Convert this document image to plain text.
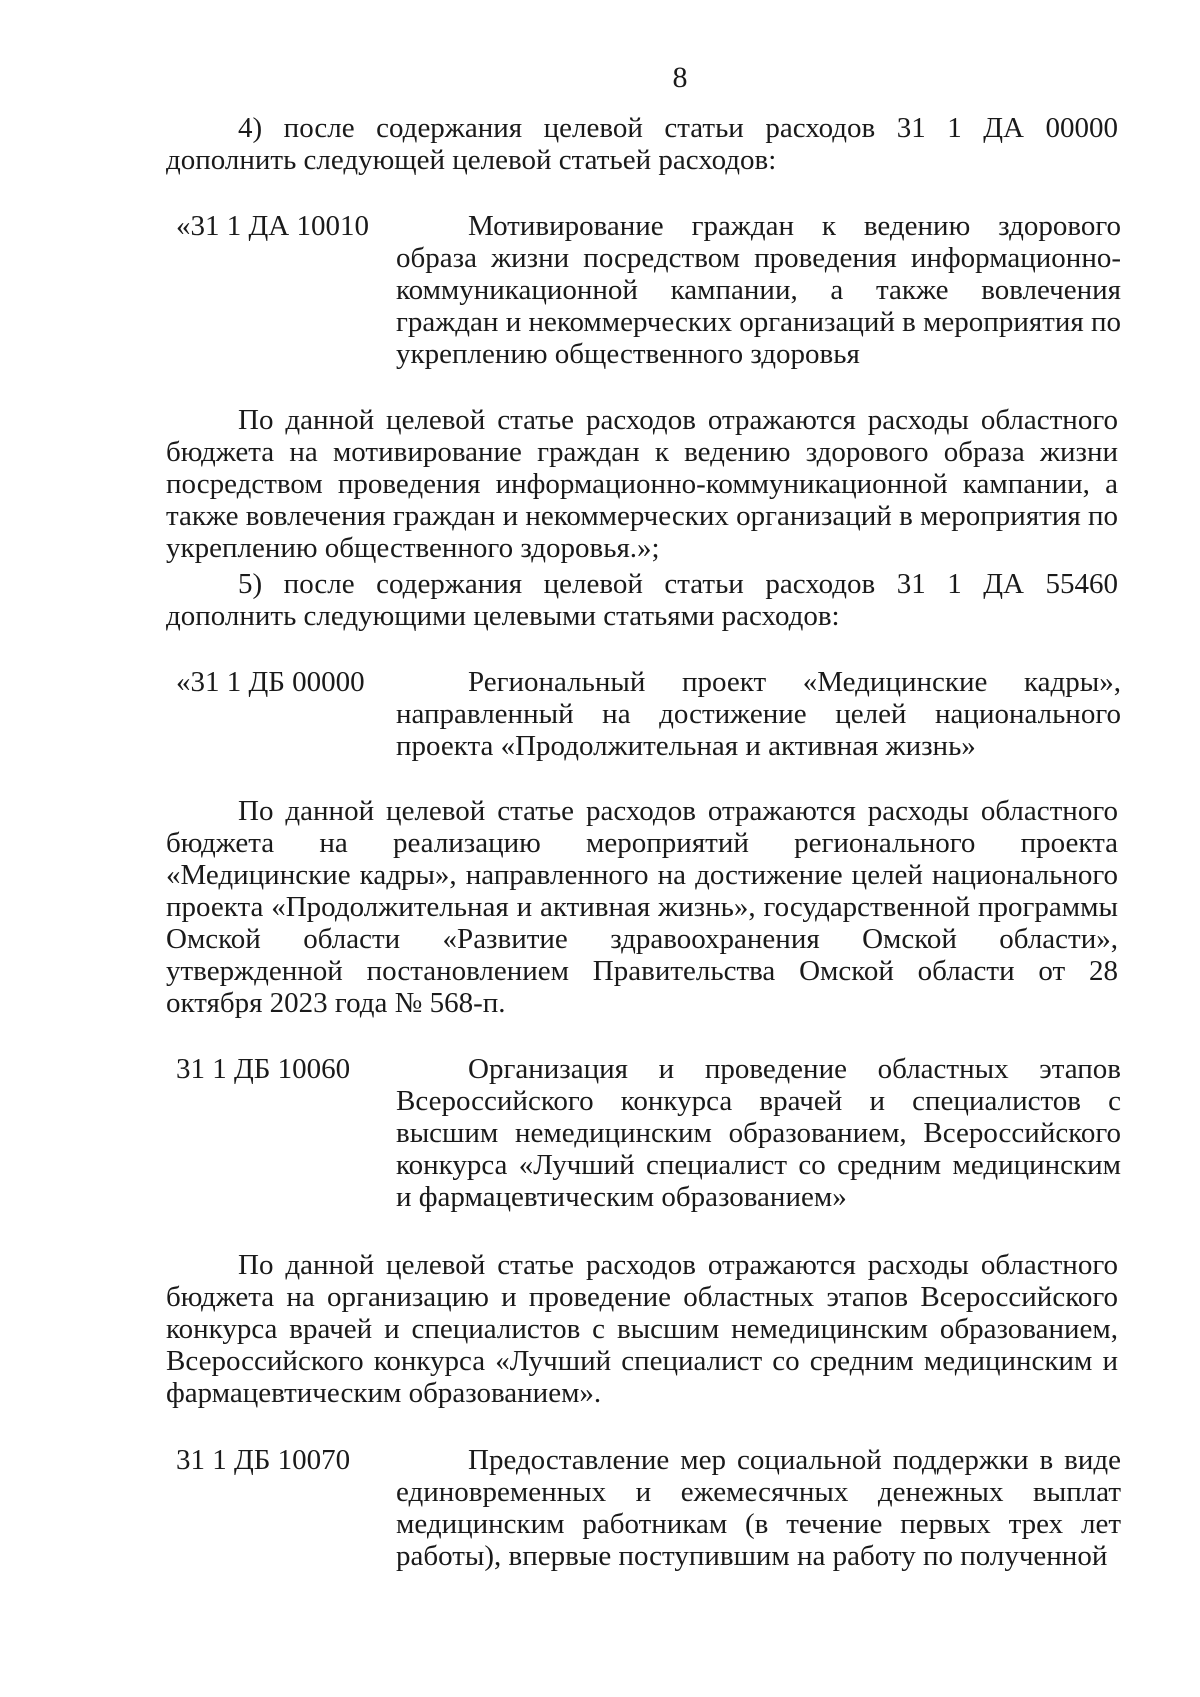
8

4) после содержания целевой статьи расходов 31 1 ДА 00000 дополнить следующей целевой статьей расходов:

«31 1 ДА 10010	Мотивирование граждан к ведению здорового образа жизни посредством проведения информационно-коммуникационной кампании, а также вовлечения граждан и некоммерческих организаций в мероприятия по укреплению общественного здоровья

По данной целевой статье расходов отражаются расходы областного бюджета на мотивирование граждан к ведению здорового образа жизни посредством проведения информационно-коммуникационной кампании, а также вовлечения граждан и некоммерческих организаций в мероприятия по укреплению общественного здоровья.»;

5) после содержания целевой статьи расходов 31 1 ДА 55460 дополнить следующими целевыми статьями расходов:

«31 1 ДБ 00000	Региональный проект «Медицинские кадры», направленный на достижение целей национального проекта «Продолжительная и активная жизнь»

По данной целевой статье расходов отражаются расходы областного бюджета на реализацию мероприятий регионального проекта «Медицинские кадры», направленного на достижение целей национального проекта «Продолжительная и активная жизнь», государственной программы Омской области «Развитие здравоохранения Омской области», утвержденной постановлением Правительства Омской области от 28 октября 2023 года № 568-п.

31 1 ДБ 10060	Организация и проведение областных этапов Всероссийского конкурса врачей и специалистов с высшим немедицинским образованием, Всероссийского конкурса «Лучший специалист со средним медицинским и фармацевтическим образованием»

По данной целевой статье расходов отражаются расходы областного бюджета на организацию и проведение областных этапов Всероссийского конкурса врачей и специалистов с высшим немедицинским образованием, Всероссийского конкурса «Лучший специалист со средним медицинским и фармацевтическим образованием».

31 1 ДБ 10070	Предоставление мер социальной поддержки в виде единовременных и ежемесячных денежных выплат медицинским работникам (в течение первых трех лет работы), впервые поступившим на работу по полученной
